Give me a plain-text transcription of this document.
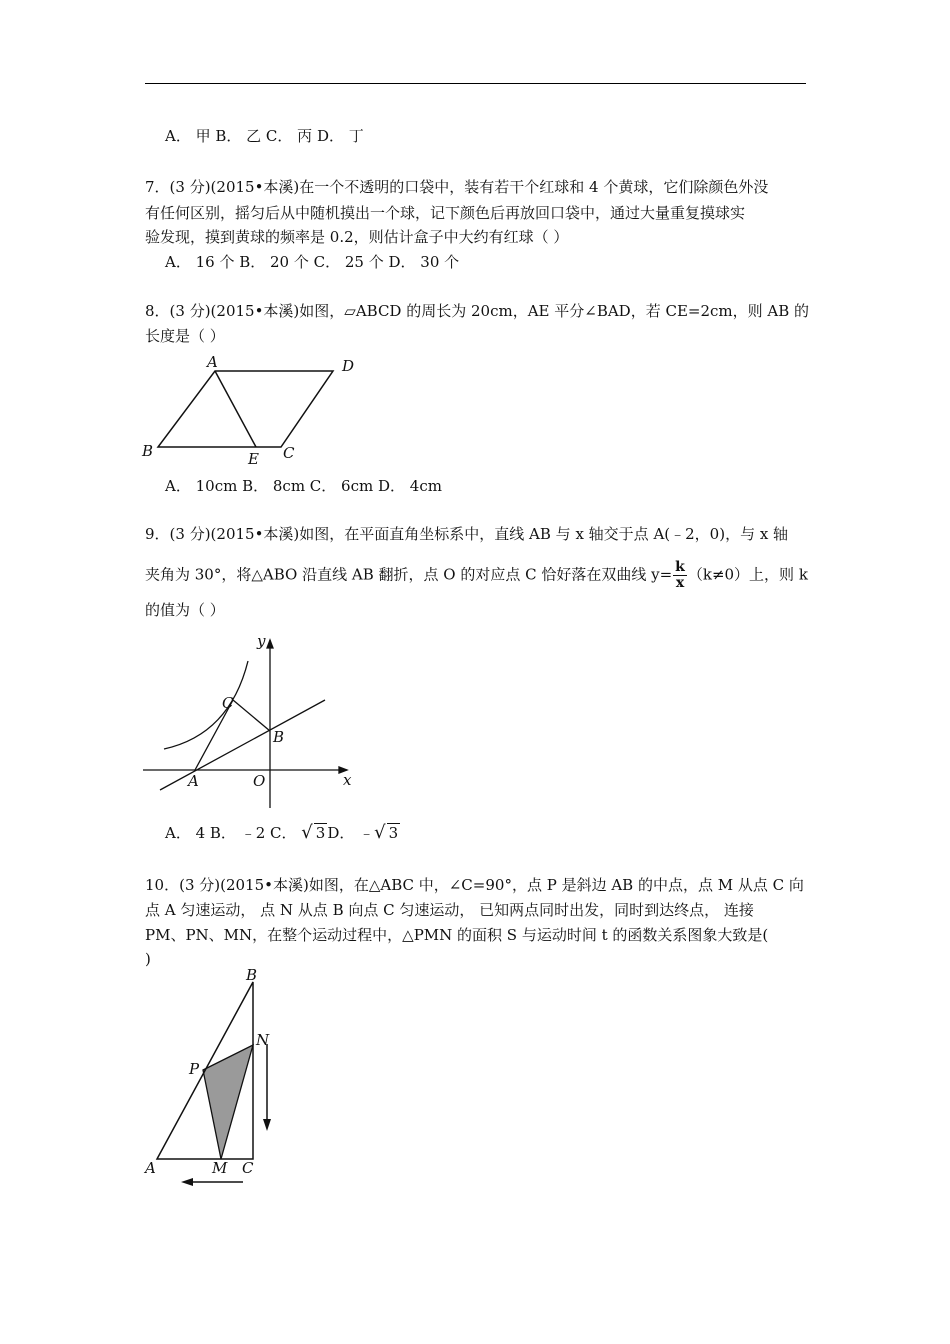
A． 甲 B． 乙 C． 丙 D． 丁
7．(3 分)(2015•本溪)在一个不透明的口袋中，装有若干个红球和 4 个黄球，它们除颜色外没
有任何区别，摇匀后从中随机摸出一个球，记下颜色后再放回口袋中，通过大量重复摸球实
验发现，摸到黄球的频率是 0.2，则估计盒子中大约有红球（ ）
A． 16 个 B． 20 个 C． 25 个 D． 30 个
8．(3 分)(2015•本溪)如图，▱ABCD 的周长为 20cm，AE 平分∠BAD，若 CE=2cm，则 AB 的
长度是（ ）
A	D
B	E C
A． 10cm B． 8cm C． 6cm D． 4cm
9．(3 分)(2015•本溪)如图，在平面直角坐标系中，直线 AB 与 x 轴交于点 A(﹣2，0)，与 x 轴
夹角为 30°，将△ABO 沿直线 AB 翻折，点 O 的对应点 C 恰好落在双曲线 $y= \frac{k}{x} (k\ne 0)$上，则 k
的值为（ ）
y
C
B
A	O	x
A． 4 B． ﹣2 C． √ 3 D． ﹣√ 3
10．(3 分)(2015•本溪)如图，在△ABC 中，∠C=90°，点 P 是斜边 AB 的中点，点 M 从点 C 向
点 A 匀速运动， 点 N 从点 B 向点 C 匀速运动， 已知两点同时出发，同时到达终点， 连接
PM、PN、MN，在整个运动过程中，△PMN 的面积 S 与运动时间 t 的函数关系图象大致是(
)
B
N
P
A	M C
